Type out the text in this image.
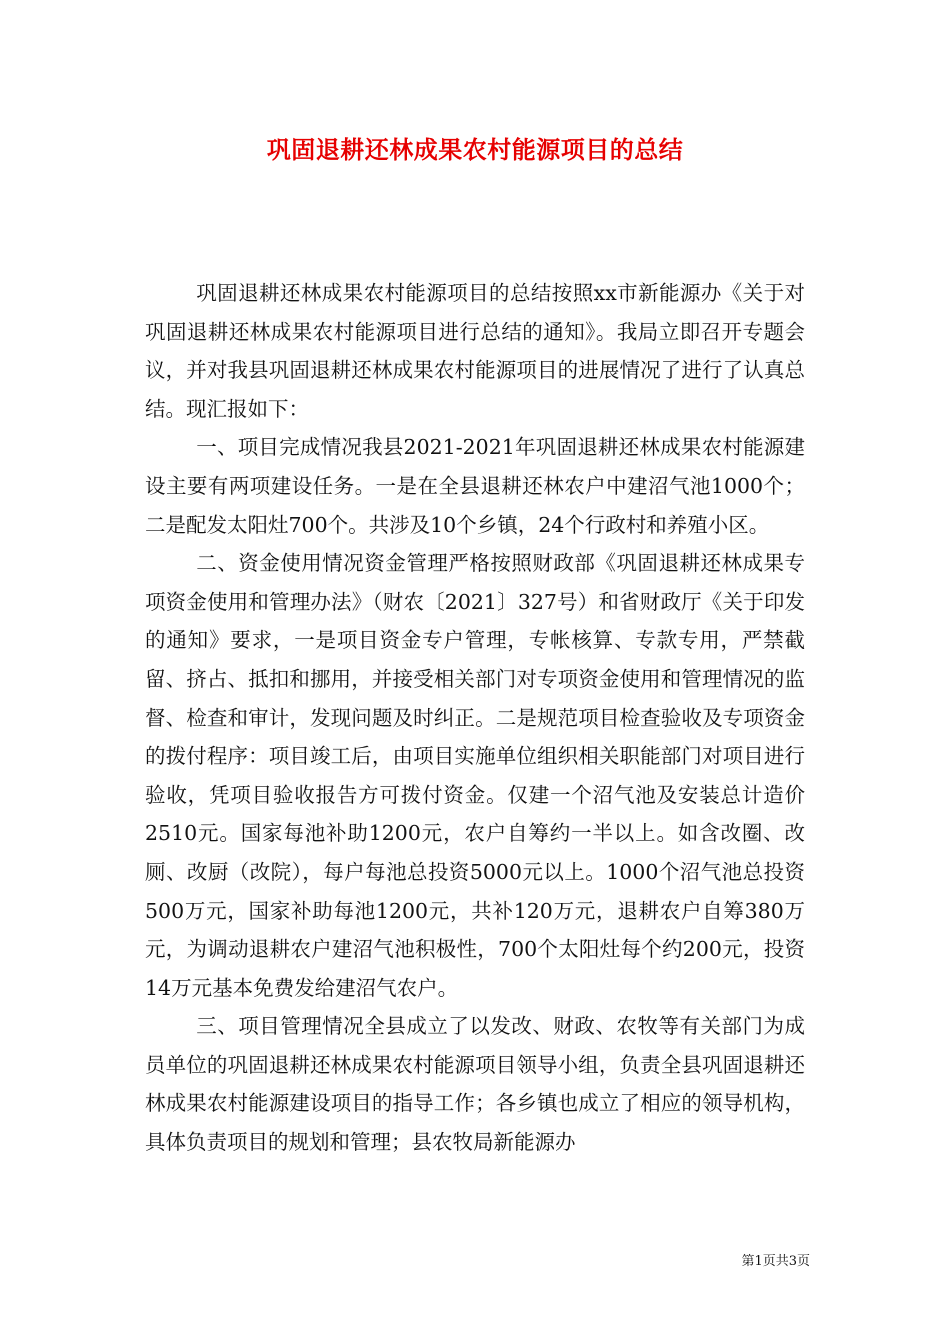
巩固退耕还林成果农村能源项目的总结

巩固退耕还林成果农村能源项目的总结按照xx市新能源办《关于对巩固退耕还林成果农村能源项目进行总结的通知》。我局立即召开专题会议，并对我县巩固退耕还林成果农村能源项目的进展情况了进行了认真总结。现汇报如下：

一、项目完成情况我县2021-2021年巩固退耕还林成果农村能源建设主要有两项建设任务。一是在全县退耕还林农户中建沼气池1000个；二是配发太阳灶700个。共涉及10个乡镇，24个行政村和养殖小区。

二、资金使用情况资金管理严格按照财政部《巩固退耕还林成果专项资金使用和管理办法》（财农〔2021〕327号）和省财政厅《关于印发的通知》要求，一是项目资金专户管理，专帐核算、专款专用，严禁截留、挤占、抵扣和挪用，并接受相关部门对专项资金使用和管理情况的监督、检查和审计，发现问题及时纠正。二是规范项目检查验收及专项资金的拨付程序：项目竣工后，由项目实施单位组织相关职能部门对项目进行验收，凭项目验收报告方可拨付资金。仅建一个沼气池及安装总计造价2510元。国家每池补助1200元，农户自筹约一半以上。如含改圈、改厕、改厨（改院），每户每池总投资5000元以上。1000个沼气池总投资500万元，国家补助每池1200元，共补120万元，退耕农户自筹380万元，为调动退耕农户建沼气池积极性，700个太阳灶每个约200元，投资14万元基本免费发给建沼气农户。

三、项目管理情况全县成立了以发改、财政、农牧等有关部门为成员单位的巩固退耕还林成果农村能源项目领导小组，负责全县巩固退耕还林成果农村能源建设项目的指导工作；各乡镇也成立了相应的领导机构，具体负责项目的规划和管理；县农牧局新能源办

第1页共3页
